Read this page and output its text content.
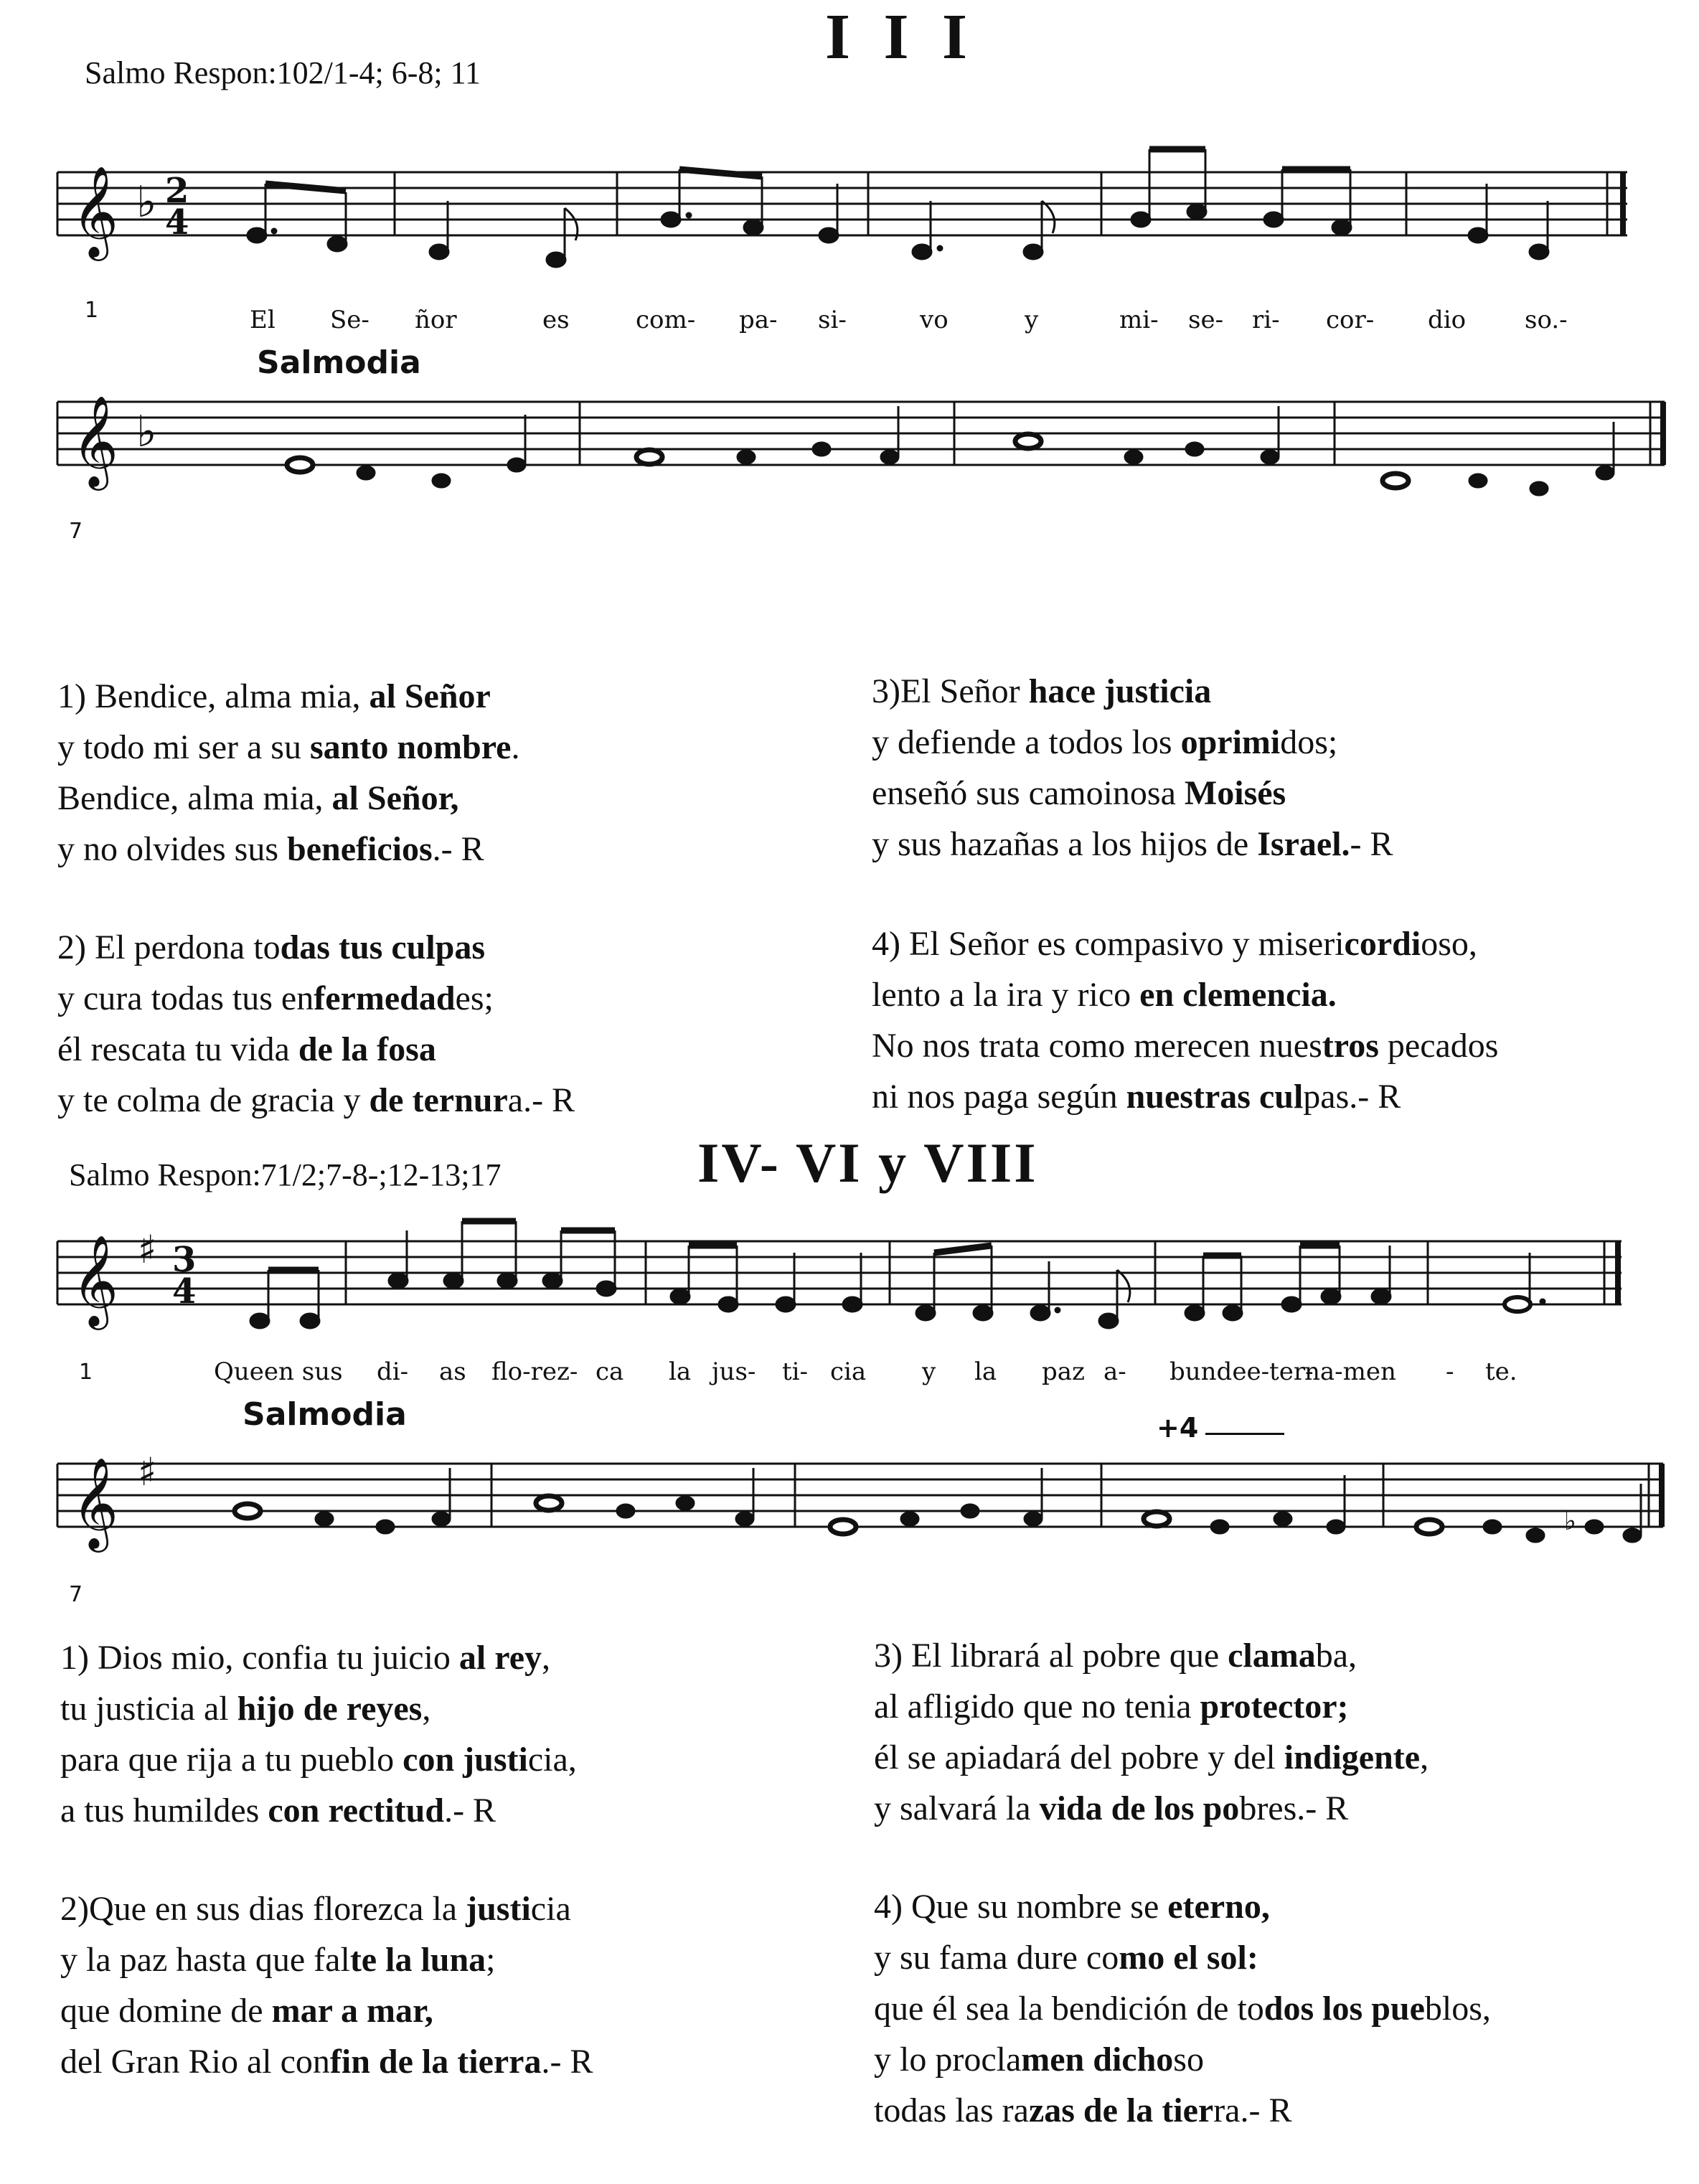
I I I
Salmo Respon:102/1-4; 6-8; 11
𝄞 ♭ 2
4
1	El Se- ñor	es	com- pa- si-	vo	y	mi- se- ri- cor- dio so.-
Salmodia
𝄞 ♭
7
1) Bendice, alma mia, al Señor
y todo mi ser a su santo nombre.
Bendice, alma mia, al Señor,
y no olvides sus beneficios.- R
2) El perdona todas tus culpas
y cura todas tus enfermedades;
él rescata tu vida de la fosa
y te colma de gracia y de ternura.- R
3)El Señor hace justicia
y defiende a todos los oprimidos;
enseñó sus camoinosa Moisés
y sus hazañas a los hijos de Israel.- R
4) El Señor es compasivo y misericordioso,
lento a la ira y rico en clemencia.
No nos trata como merecen nuestros pecados
ni nos paga según nuestras culpas.- R
IV- VI y VIII
Salmo Respon:71/2;7-8-;12-13;17
𝄞 ♯ 3
4
1	Queen sus di- as flo-rez- ca la jus- ti- cia y la paz a- bundee-ter-
na-men - te.
Salmodia	+4
𝄞 ♯
♭
7
1) Dios mio, confia tu juicio al rey,
tu justicia al hijo de reyes,
para que rija a tu pueblo con justicia,
a tus humildes con rectitud.- R
2)Que en sus dias florezca la justicia
y la paz hasta que falte la luna;
que domine de mar a mar,
del Gran Rio al confin de la tierra.- R
3) El librará al pobre que clamaba,
al afligido que no tenia protector;
él se apiadará del pobre y del indigente,
y salvará la vida de los pobres.- R
4) Que su nombre se eterno,
y su fama dure como el sol:
que él sea la bendición de todos los pueblos,
y lo proclamen dichoso
todas las razas de la tierra.- R
